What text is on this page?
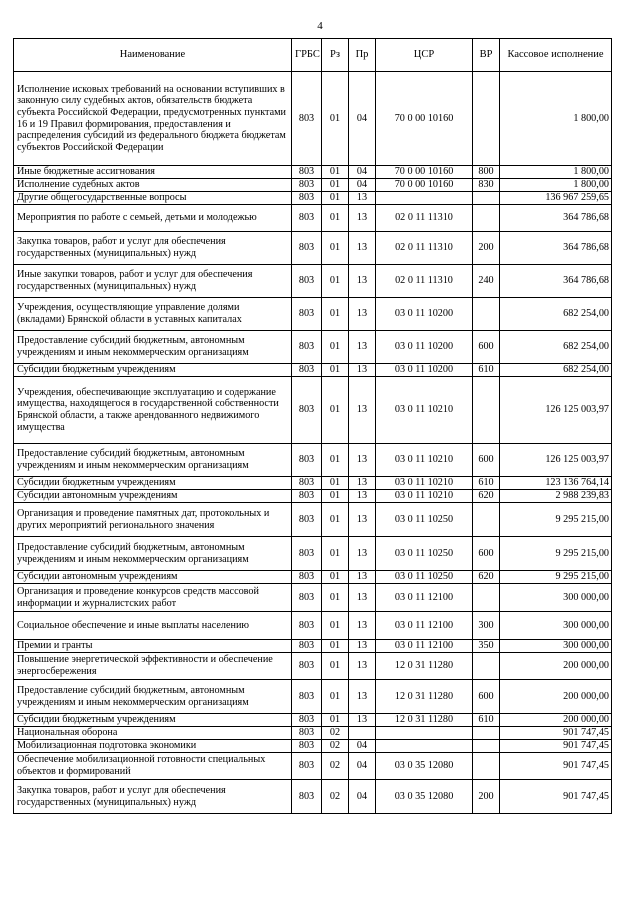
4
Наименование	ГРБС	Рз	Пр	ЦСР	ВР	Кассовое исполнение
Исполнение исковых требований на основании вступивших в законную силу судебных актов, обязательств бюджета субъекта Российской Федерации, предусмотренных пунктами 16 и 19 Правил формирования, предоставления и распределения субсидий из федерального бюджета бюджетам субъектов Российской Федерации	803	01	04	70 0 00 10160		1 800,00
Иные бюджетные ассигнования	803	01	04	70 0 00 10160	800	1 800,00
Исполнение судебных актов	803	01	04	70 0 00 10160	830	1 800,00
Другие общегосударственные вопросы	803	01	13			136 967 259,65
Мероприятия по работе с семьей, детьми и молодежью	803	01	13	02 0 11 11310		364 786,68
Закупка товаров, работ и услуг для обеспечения государственных (муниципальных) нужд	803	01	13	02 0 11 11310	200	364 786,68
Иные закупки товаров, работ и услуг для обеспечения государственных (муниципальных) нужд	803	01	13	02 0 11 11310	240	364 786,68
Учреждения, осуществляющие управление долями (вкладами) Брянской области в уставных капиталах	803	01	13	03 0 11 10200		682 254,00
Предоставление субсидий бюджетным, автономным учреждениям и иным некоммерческим организациям	803	01	13	03 0 11 10200	600	682 254,00
Субсидии бюджетным учреждениям	803	01	13	03 0 11 10200	610	682 254,00
Учреждения, обеспечивающие эксплуатацию и содержание имущества, находящегося в государственной собственности Брянской области, а также арендованного недвижимого имущества	803	01	13	03 0 11 10210		126 125 003,97
Предоставление субсидий бюджетным, автономным учреждениям и иным некоммерческим организациям	803	01	13	03 0 11 10210	600	126 125 003,97
Субсидии бюджетным учреждениям	803	01	13	03 0 11 10210	610	123 136 764,14
Субсидии автономным учреждениям	803	01	13	03 0 11 10210	620	2 988 239,83
Организация и проведение памятных дат, протокольных и других мероприятий регионального значения	803	01	13	03 0 11 10250		9 295 215,00
Предоставление субсидий бюджетным, автономным учреждениям и иным некоммерческим организациям	803	01	13	03 0 11 10250	600	9 295 215,00
Субсидии автономным учреждениям	803	01	13	03 0 11 10250	620	9 295 215,00
Организация и проведение конкурсов средств массовой информации и журналистских работ	803	01	13	03 0 11 12100		300 000,00
Социальное обеспечение и иные выплаты населению	803	01	13	03 0 11 12100	300	300 000,00
Премии и гранты	803	01	13	03 0 11 12100	350	300 000,00
Повышение энергетической эффективности и обеспечение энергосбережения	803	01	13	12 0 31 11280		200 000,00
Предоставление субсидий бюджетным, автономным учреждениям и иным некоммерческим организациям	803	01	13	12 0 31 11280	600	200 000,00
Субсидии бюджетным учреждениям	803	01	13	12 0 31 11280	610	200 000,00
Национальная оборона	803	02				901 747,45
Мобилизационная подготовка экономики	803	02	04			901 747,45
Обеспечение мобилизационной готовности специальных объектов и формирований	803	02	04	03 0 35 12080		901 747,45
Закупка товаров, работ и услуг для обеспечения государственных (муниципальных) нужд	803	02	04	03 0 35 12080	200	901 747,45
